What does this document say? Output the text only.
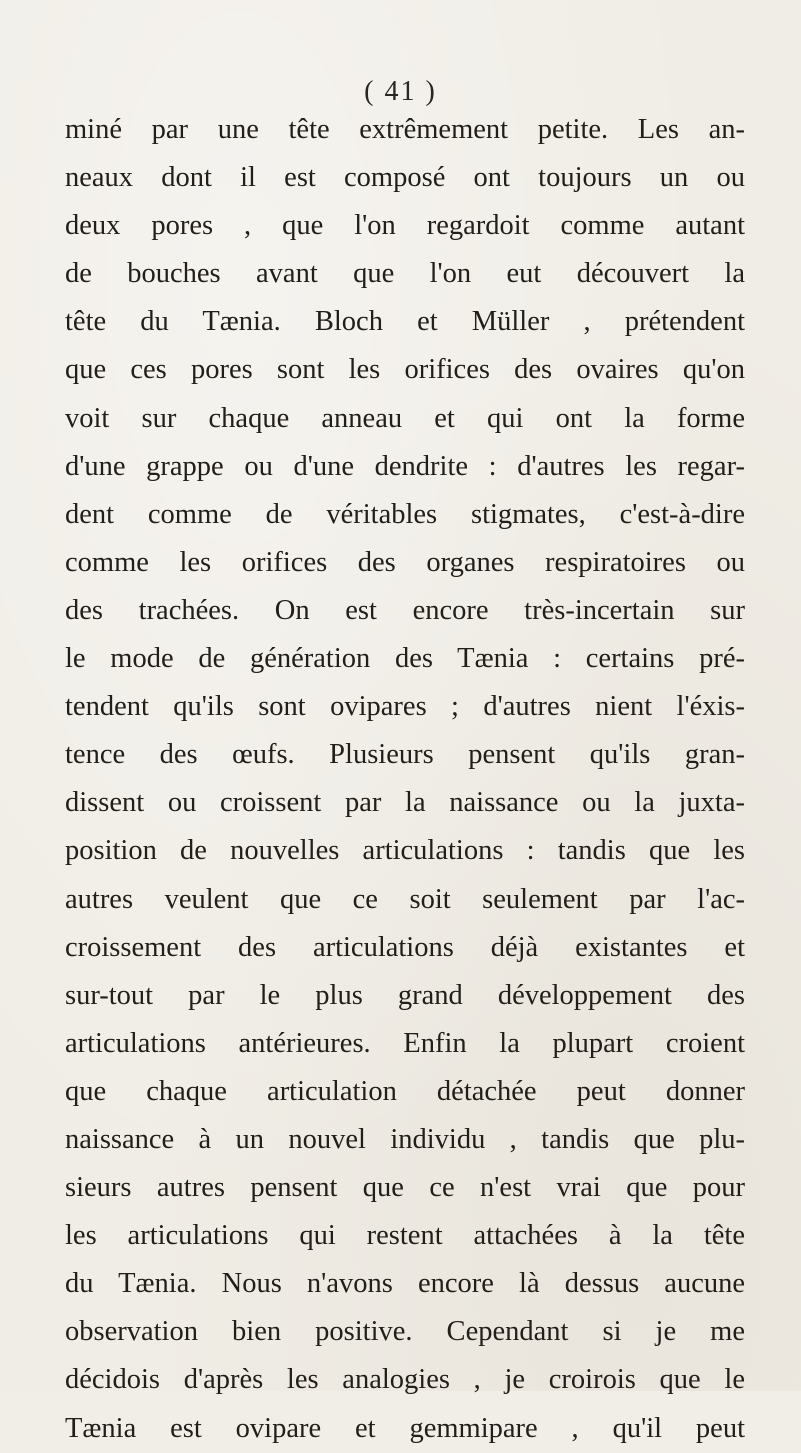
( 41 )
miné par une tête extrêmement petite. Les an-
neaux dont il est composé ont toujours un ou
deux pores , que l'on regardoit comme autant
de bouches avant que l'on eut découvert la
tête du Tænia. Bloch et Müller , prétendent
que ces pores sont les orifices des ovaires qu'on
voit sur chaque anneau et qui ont la forme
d'une grappe ou d'une dendrite : d'autres les regar-
dent comme de véritables stigmates, c'est-à-dire
comme les orifices des organes respiratoires ou
des trachées. On est encore très-incertain sur
le mode de génération des Tænia : certains pré-
tendent qu'ils sont ovipares ; d'autres nient l'éxis-
tence des œufs. Plusieurs pensent qu'ils gran-
dissent ou croissent par la naissance ou la juxta-
position de nouvelles articulations : tandis que les
autres veulent que ce soit seulement par l'ac-
croissement des articulations déjà existantes et
sur-tout par le plus grand développement des
articulations antérieures. Enfin la plupart croient
que chaque articulation détachée peut donner
naissance à un nouvel individu , tandis que plu-
sieurs autres pensent que ce n'est vrai que pour
les articulations qui restent attachées à la tête
du Tænia. Nous n'avons encore là dessus aucune
observation bien positive. Cependant si je me
décidois d'après les analogies , je croirois que le
Tænia est ovipare et gemmipare , qu'il peut
